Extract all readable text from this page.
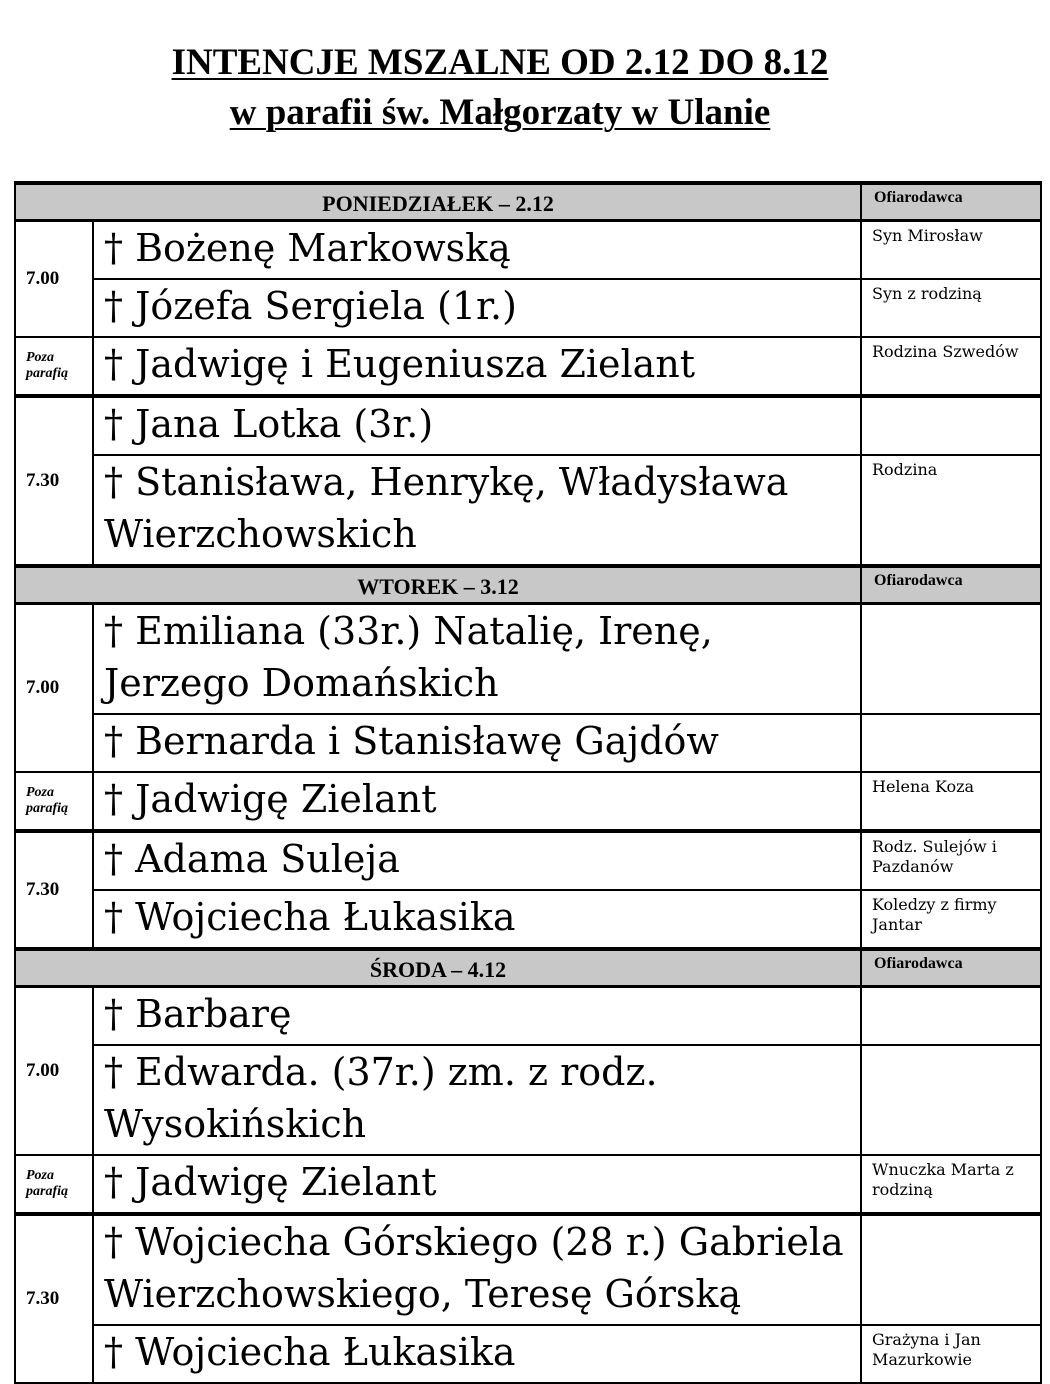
INTENCJE MSZALNE OD 2.12 DO 8.12
w parafii św. Małgorzaty w Ulanie
PONIEDZIAŁEK – 2.12		Ofiarodawca
7.00	† Bożenę Markowską	Syn Mirosław
	† Józefa Sergiela (1r.)	Syn z rodziną
Poza parafią	† Jadwigę i Eugeniusza Zielant	Rodzina Szwedów
7.30	† Jana Lotka (3r.)	
	† Stanisława, Henrykę, Władysława Wierzchowskich	Rodzina
WTOREK – 3.12		Ofiarodawca
7.00	† Emiliana (33r.) Natalię, Irenę, Jerzego Domańskich	
	† Bernarda i Stanisławę Gajdów	
Poza parafią	† Jadwigę Zielant	Helena Koza
7.30	† Adama Suleja	Rodz. Sulejów i Pazdanów
	† Wojciecha Łukasika	Koledzy z firmy Jantar
ŚRODA – 4.12		Ofiarodawca
7.00	† Barbarę	
	† Edwarda. (37r.) zm. z rodz. Wysokińskich	
Poza parafią	† Jadwigę Zielant	Wnuczka Marta z rodziną
7.30	† Wojciecha Górskiego (28 r.) Gabriela Wierzchowskiego, Teresę Górską	
	† Wojciecha Łukasika	Grażyna i Jan Mazurkowie
